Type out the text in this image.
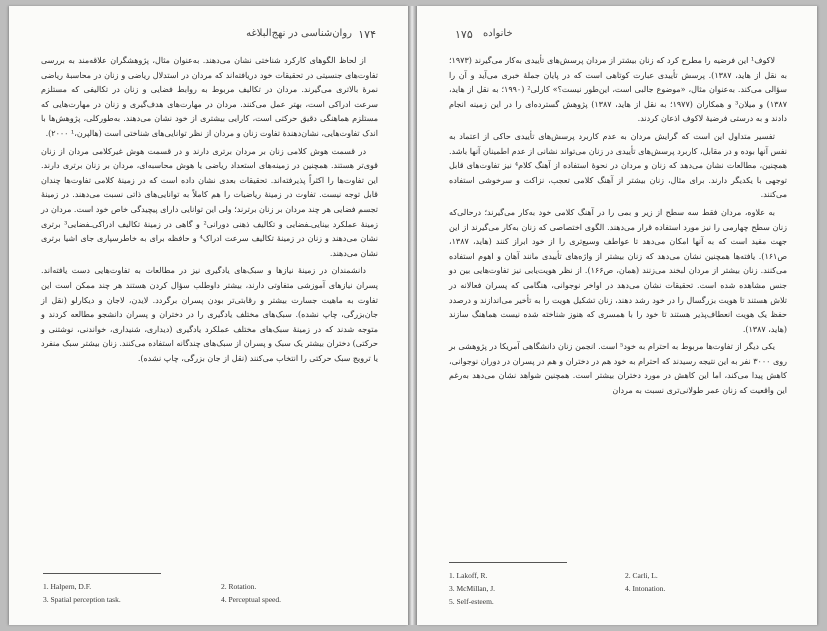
روان‌شناسی در نهج‌البلاغه ۱۷۴

از لحاظ الگوهای کارکرد شناختی نشان می‌دهند. به‌عنوان مثال، پژوهشگران علاقه‌مند به بررسی تفاوت‌های جنسیتی در تحقیقات خود دریافته‌اند که مردان در استدلال ریاضی و زنان در محاسبهٔ ریاضی نمرهٔ بالاتری می‌گیرند. مردان در تکالیف مربوط به روابط فضایی و زنان در تکالیفی که مستلزم سرعت ادراکی است، بهتر عمل می‌کنند. مردان در مهارت‌های هدف‌گیری و زنان در مهارت‌هایی که مستلزم هماهنگی دقیق حرکتی است، کارایی بیشتری از خود نشان می‌دهند. به‌طورکلی، پژوهش‌ها با اندک تفاوت‌هایی، نشان‌دهندهٔ تفاوت زنان و مردان از نظر توانایی‌های شناختی است (هالپرن،¹ ۲۰۰۰).

در قسمت هوش کلامی زنان بر مردان برتری دارند و در قسمت هوش غیرکلامی مردان از زنان قوی‌تر هستند. همچنین در زمینه‌های استعداد ریاضی یا هوش محاسبه‌ای، مردان بر زنان برتری دارند. این تفاوت‌ها را اکثراً پذیرفته‌اند. تحقیقات بعدی نشان داده است که در زمینهٔ کلامی تفاوت‌ها چندان قابل توجه نیست. تفاوت در زمینهٔ ریاضیات را هم کاملاً به توانایی‌های ذاتی نسبت می‌دهند. در زمینهٔ تجسم فضایی هر چند مردان بر زنان برترند؛ ولی این توانایی دارای پیچیدگی خاص خود است. مردان در زمینهٔ عملکرد بینایی‌ـفضایی و تکالیف ذهنی دورانی² و گاهی در زمینهٔ تکالیف ادراکی‌ـفضایی³ برتری نشان می‌دهند و زنان در زمینهٔ تکالیف سرعت ادراک⁴ و حافظه برای به خاطرسپاری جای اشیا برتری نشان می‌دهند.

دانشمندان در زمینهٔ نیازها و سبک‌های یادگیری نیز در مطالعات به تفاوت‌هایی دست یافته‌اند. پسران نیازهای آموزشی متفاوتی دارند، بیشتر داوطلب سؤال کردن هستند هر چند ممکن است این تفاوت به ماهیت جسارت بیشتر و رقابتی‌تر بودن پسران برگردد. لایدن، لاجان و دیکارلو (نقل از جان‌بزرگی، چاپ نشده). سبک‌های مختلف یادگیری را در دختران و پسران دانشجو مطالعه کردند و متوجه شدند که در زمینهٔ سبک‌های مختلف عملکرد یادگیری (دیداری، شنیداری، خواندنی، نوشتنی و حرکتی) دختران بیشتر یک سبک و پسران از سبک‌های چندگانه استفاده می‌کنند. زنان بیشتر سبک منفرد یا ترویج سبک حرکتی را انتخاب می‌کنند (نقل از جان بزرگی، چاپ نشده).

1. Halpern, D.F.	2. Rotation.
3. Spatial perception task.	4. Perceptual speed.
۱۷۵ خانواده

لاکوف¹ این فرضیه را مطرح کرد که زنان بیشتر از مردان پرسش‌های تأییدی به‌کار می‌گیرند (۱۹۷۳؛ به نقل از هاید، ۱۳۸۷). پرسش تأییدی عبارت کوتاهی است که در پایان جملهٔ خبری می‌آید و آن را سؤالی می‌کند. به‌عنوان مثال، «موضوع جالبی است، این‌طور نیست؟» کارلی² (۱۹۹۰؛ به نقل از هاید، ۱۳۸۷) و میلان³ و همکاران (۱۹۷۷؛ به نقل از هاید، ۱۳۸۷) پژوهش گسترده‌ای را در این زمینه انجام دادند و به درستی فرضیهٔ لاکوف اذعان کردند.

تفسیر متداول این است که گرایش مردان به عدم کاربرد پرسش‌های تأییدی حاکی از اعتماد به نفس آنها بوده و در مقابل، کاربرد پرسش‌های تأییدی در زنان می‌تواند نشانی از عدم اطمینان آنها باشد. همچنین، مطالعات نشان می‌دهد که زنان و مردان در نحوهٔ استفاده از آهنگ کلام⁴ نیز تفاوت‌های قابل توجهی با یکدیگر دارند. برای مثال، زنان بیشتر از آهنگ کلامی تعجب، نزاکت و سرخوشی استفاده می‌کنند.

به علاوه، مردان فقط سه سطح از زیر و بمی را در آهنگ کلامی خود به‌کار می‌گیرند؛ درحالی‌که زنان سطح چهارمی را نیز مورد استفاده قرار می‌دهند. الگوی اختصاصی که زنان به‌کار می‌گیرند از این جهت مفید است که به آنها امکان می‌دهد تا عواطف وسیع‌تری را از خود ابراز کنند (هاید، ۱۳۸۷، ص۱۶۱). یافته‌ها همچنین نشان می‌دهد که زنان بیشتر از واژه‌های تأییدی مانند آهان و اهوم استفاده می‌کنند. زنان بیشتر از مردان لبخند می‌زنند (همان، ص۱۶۶). از نظر هویت‌یابی نیز تفاوت‌هایی بین دو جنس مشاهده شده است. تحقیقات نشان می‌دهد در اواخر نوجوانی، هنگامی که پسران فعالانه در تلاش هستند تا هویت بزرگسال را در خود رشد دهند، زنان تشکیل هویت را به تأخیر می‌اندازند و درصدد حفظ یک هویت انعطاف‌پذیر هستند تا خود را با همسری که هنوز شناخته شده نیست هماهنگ سازند (هاید، ۱۳۸۷).

یکی دیگر از تفاوت‌ها مربوط به احترام به خود⁵ است. انجمن زنان دانشگاهی آمریکا در پژوهشی بر روی ۳۰۰۰ نفر به این نتیجه رسیدند که احترام به خود هم در دختران و هم در پسران در دوران نوجوانی، کاهش پیدا می‌کند، اما این کاهش در مورد دختران بیشتر است. همچنین شواهد نشان می‌دهد به‌رغم این واقعیت که زنان عمر طولانی‌تری نسبت به مردان

1. Lakoff, R.	2. Carli, L.
3. McMillan, J.	4. Intonation.
5. Self-esteem.
